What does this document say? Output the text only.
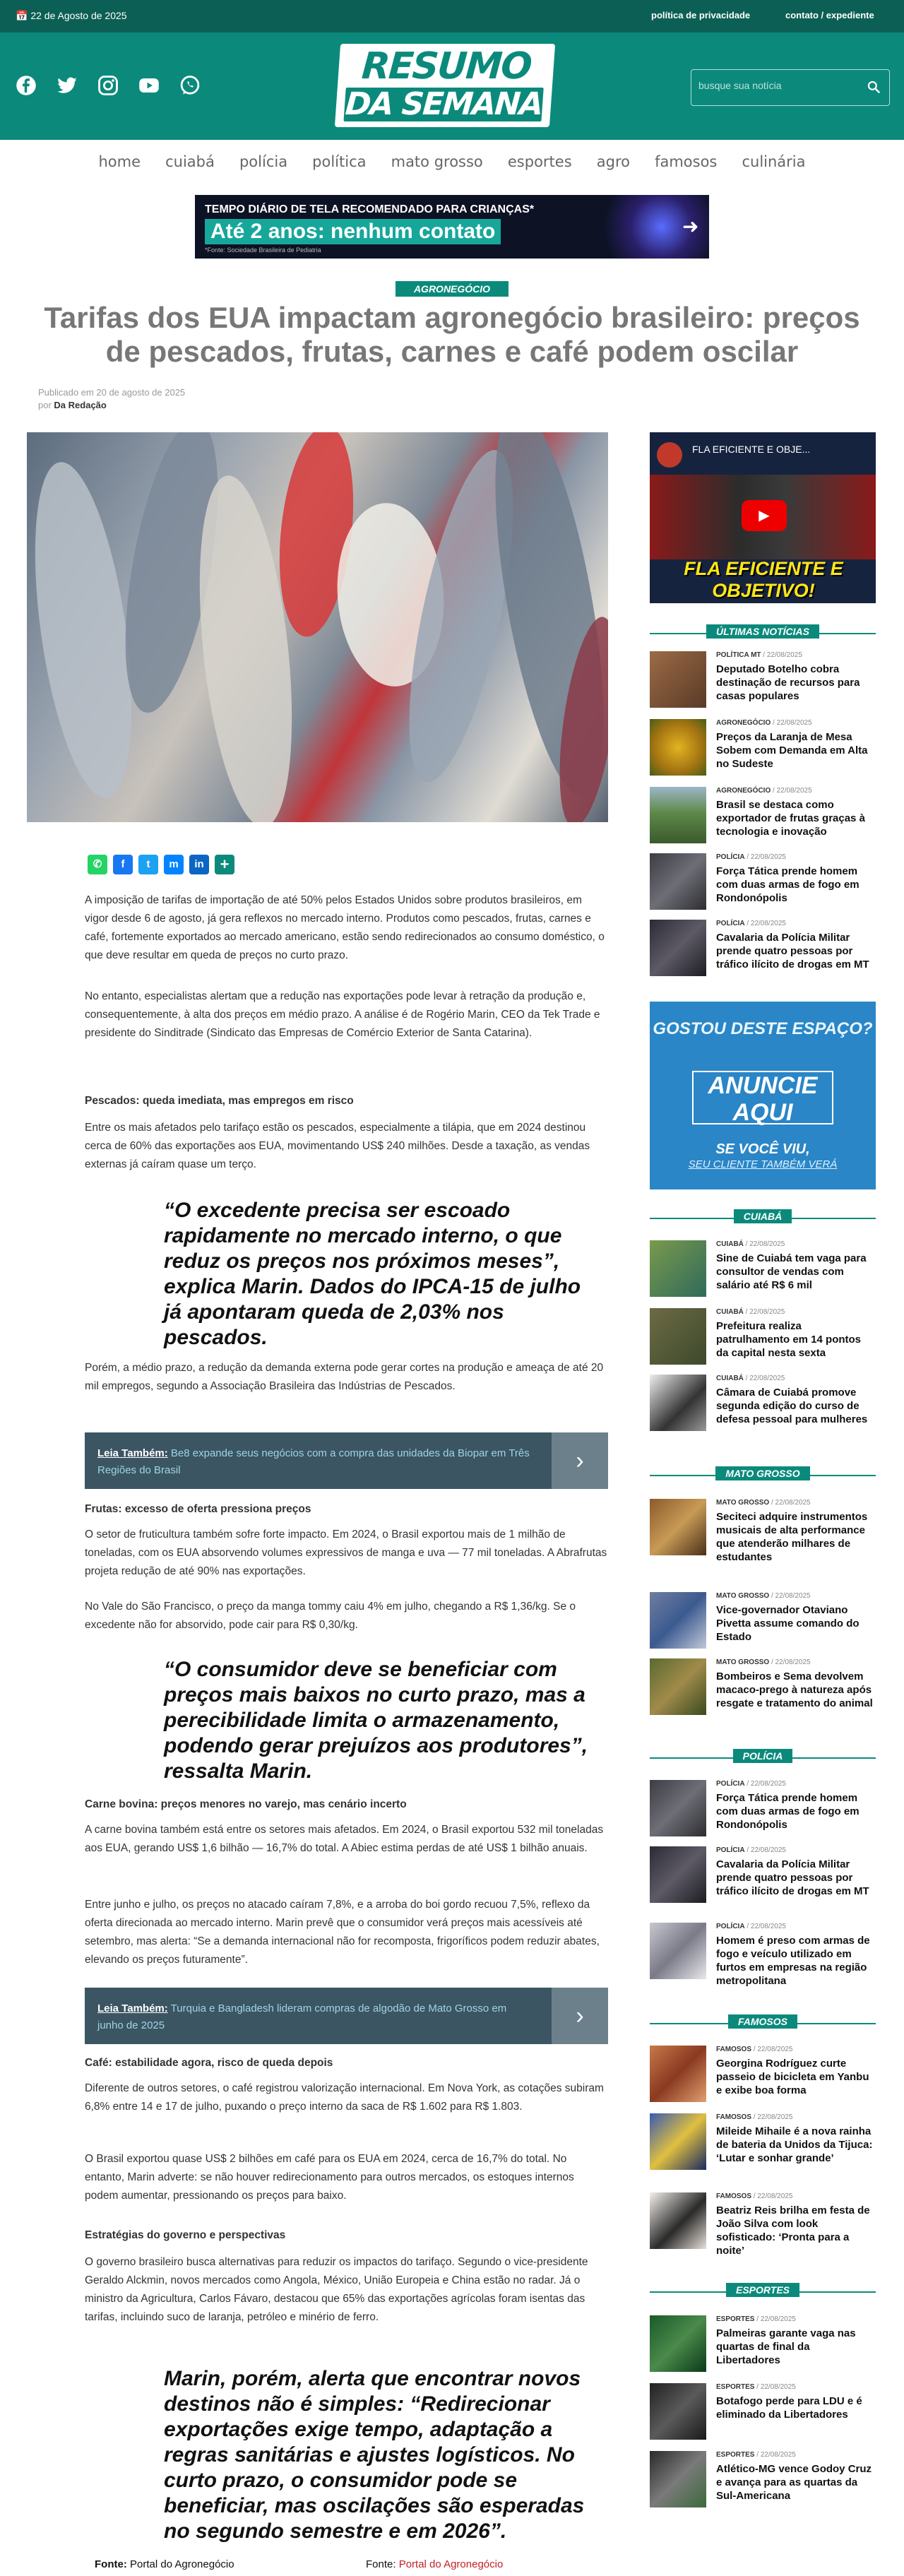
📅 22 de Agosto de 2025	política de privacidade	contato / expediente
RESUMO
DA SEMANA
busque sua notícia
home cuiabá polícia política mato grosso esportes agro famosos culinária
TEMPO DIÁRIO DE TELA RECOMENDADO PARA CRIANÇAS*
Até 2 anos: nenhum contato
*Fonte: Sociedade Brasileira de Pediatria
➜
AGRONEGÓCIO
Tarifas dos EUA impactam agronegócio brasileiro: preços de pescados, frutas, carnes e café podem oscilar
Publicado em 20 de agosto de 2025
por Da Redação
✆	f	t	m	in	+

A imposição de tarifas de importação de até 50% pelos Estados Unidos sobre produtos brasileiros, em vigor desde 6 de agosto, já gera reflexos no mercado interno. Produtos como pescados, frutas, carnes e café, fortemente exportados ao mercado americano, estão sendo redirecionados ao consumo doméstico, o que deve resultar em queda de preços no curto prazo.

No entanto, especialistas alertam que a redução nas exportações pode levar à retração da produção e, consequentemente, à alta dos preços em médio prazo. A análise é de Rogério Marin, CEO da Tek Trade e presidente do Sinditrade (Sindicato das Empresas de Comércio Exterior de Santa Catarina).

Pescados: queda imediata, mas empregos em risco

Entre os mais afetados pelo tarifaço estão os pescados, especialmente a tilápia, que em 2024 destinou cerca de 60% das exportações aos EUA, movimentando US$ 240 milhões. Desde a taxação, as vendas externas já caíram quase um terço.

“O excedente precisa ser escoado rapidamente no mercado interno, o que reduz os preços nos próximos meses”, explica Marin. Dados do IPCA-15 de julho já apontaram queda de 2,03% nos pescados.

Porém, a médio prazo, a redução da demanda externa pode gerar cortes na produção e ameaça de até 20 mil empregos, segundo a Associação Brasileira das Indústrias de Pescados.

Leia Também: Be8 expande seus negócios com a compra das unidades da Biopar em Três Regiões do Brasil	›
Frutas: excesso de oferta pressiona preços

O setor de fruticultura também sofre forte impacto. Em 2024, o Brasil exportou mais de 1 milhão de toneladas, com os EUA absorvendo volumes expressivos de manga e uva — 77 mil toneladas. A Abrafrutas projeta redução de até 90% nas exportações.

No Vale do São Francisco, o preço da manga tommy caiu 4% em julho, chegando a R$ 1,36/kg. Se o excedente não for absorvido, pode cair para R$ 0,30/kg.

“O consumidor deve se beneficiar com preços mais baixos no curto prazo, mas a perecibilidade limita o armazenamento, podendo gerar prejuízos aos produtores”, ressalta Marin.

Carne bovina: preços menores no varejo, mas cenário incerto

A carne bovina também está entre os setores mais afetados. Em 2024, o Brasil exportou 532 mil toneladas aos EUA, gerando US$ 1,6 bilhão — 16,7% do total. A Abiec estima perdas de até US$ 1 bilhão anuais.

Entre junho e julho, os preços no atacado caíram 7,8%, e a arroba do boi gordo recuou 7,5%, reflexo da oferta direcionada ao mercado interno. Marin prevê que o consumidor verá preços mais acessíveis até setembro, mas alerta: “Se a demanda internacional não for recomposta, frigoríficos podem reduzir abates, elevando os preços futuramente”.

Leia Também: Turquia e Bangladesh lideram compras de algodão de Mato Grosso em junho de 2025	›
Café: estabilidade agora, risco de queda depois

Diferente de outros setores, o café registrou valorização internacional. Em Nova York, as cotações subiram 6,8% entre 14 e 17 de julho, puxando o preço interno da saca de R$ 1.602 para R$ 1.803.

O Brasil exportou quase US$ 2 bilhões em café para os EUA em 2024, cerca de 16,7% do total. No entanto, Marin adverte: se não houver redirecionamento para outros mercados, os estoques internos podem aumentar, pressionando os preços para baixo.

Estratégias do governo e perspectivas

O governo brasileiro busca alternativas para reduzir os impactos do tarifaço. Segundo o vice-presidente Geraldo Alckmin, novos mercados como Angola, México, União Europeia e China estão no radar. Já o ministro da Agricultura, Carlos Fávaro, destacou que 65% das exportações agrícolas foram isentas das tarifas, incluindo suco de laranja, petróleo e minério de ferro.

Marin, porém, alerta que encontrar novos destinos não é simples: “Redirecionar exportações exige tempo, adaptação a regras sanitárias e ajustes logísticos. No curto prazo, o consumidor pode se beneficiar, mas oscilações são esperadas no segundo semestre e em 2026”.

Fonte: Portal do Agronegócio	Fonte: Portal do Agronegócio
FLA EFICIENTE E OBJE...
▶
FLA EFICIENTE E OBJETIVO!
ÚLTIMAS NOTÍCIAS
POLÍTICA MT / 22/08/2025
Deputado Botelho cobra destinação de recursos para casas populares
AGRONEGÓCIO / 22/08/2025
Preços da Laranja de Mesa Sobem com Demanda em Alta no Sudeste
AGRONEGÓCIO / 22/08/2025
Brasil se destaca como exportador de frutas graças à tecnologia e inovação
POLÍCIA / 22/08/2025
Força Tática prende homem com duas armas de fogo em Rondonópolis
POLÍCIA / 22/08/2025
Cavalaria da Polícia Militar prende quatro pessoas por tráfico ilícito de drogas em MT
GOSTOU DESTE ESPAÇO?
ANUNCIE AQUI
SE VOCÊ VIU,
SEU CLIENTE TAMBÉM VERÁ
CUIABÁ
CUIABÁ / 22/08/2025
Sine de Cuiabá tem vaga para consultor de vendas com salário até R$ 6 mil
CUIABÁ / 22/08/2025
Prefeitura realiza patrulhamento em 14 pontos da capital nesta sexta
CUIABÁ / 22/08/2025
Câmara de Cuiabá promove segunda edição do curso de defesa pessoal para mulheres
MATO GROSSO
MATO GROSSO / 22/08/2025
Seciteci adquire instrumentos musicais de alta performance que atenderão milhares de estudantes
MATO GROSSO / 22/08/2025
Vice-governador Otaviano Pivetta assume comando do Estado
MATO GROSSO / 22/08/2025
Bombeiros e Sema devolvem macaco-prego à natureza após resgate e tratamento do animal
POLÍCIA
POLÍCIA / 22/08/2025
Força Tática prende homem com duas armas de fogo em Rondonópolis
POLÍCIA / 22/08/2025
Cavalaria da Polícia Militar prende quatro pessoas por tráfico ilícito de drogas em MT
POLÍCIA / 22/08/2025
Homem é preso com armas de fogo e veículo utilizado em furtos em empresas na região metropolitana
FAMOSOS
FAMOSOS / 22/08/2025
Georgina Rodríguez curte passeio de bicicleta em Yanbu e exibe boa forma
FAMOSOS / 22/08/2025
Mileide Mihaile é a nova rainha de bateria da Unidos da Tijuca: ‘Lutar e sonhar grande’
FAMOSOS / 22/08/2025
Beatriz Reis brilha em festa de João Silva com look sofisticado: ‘Pronta para a noite’
ESPORTES
ESPORTES / 22/08/2025
Palmeiras garante vaga nas quartas de final da Libertadores
ESPORTES / 22/08/2025
Botafogo perde para LDU e é eliminado da Libertadores
ESPORTES / 22/08/2025
Atlético-MG vence Godoy Cruz e avança para as quartas da Sul-Americana
